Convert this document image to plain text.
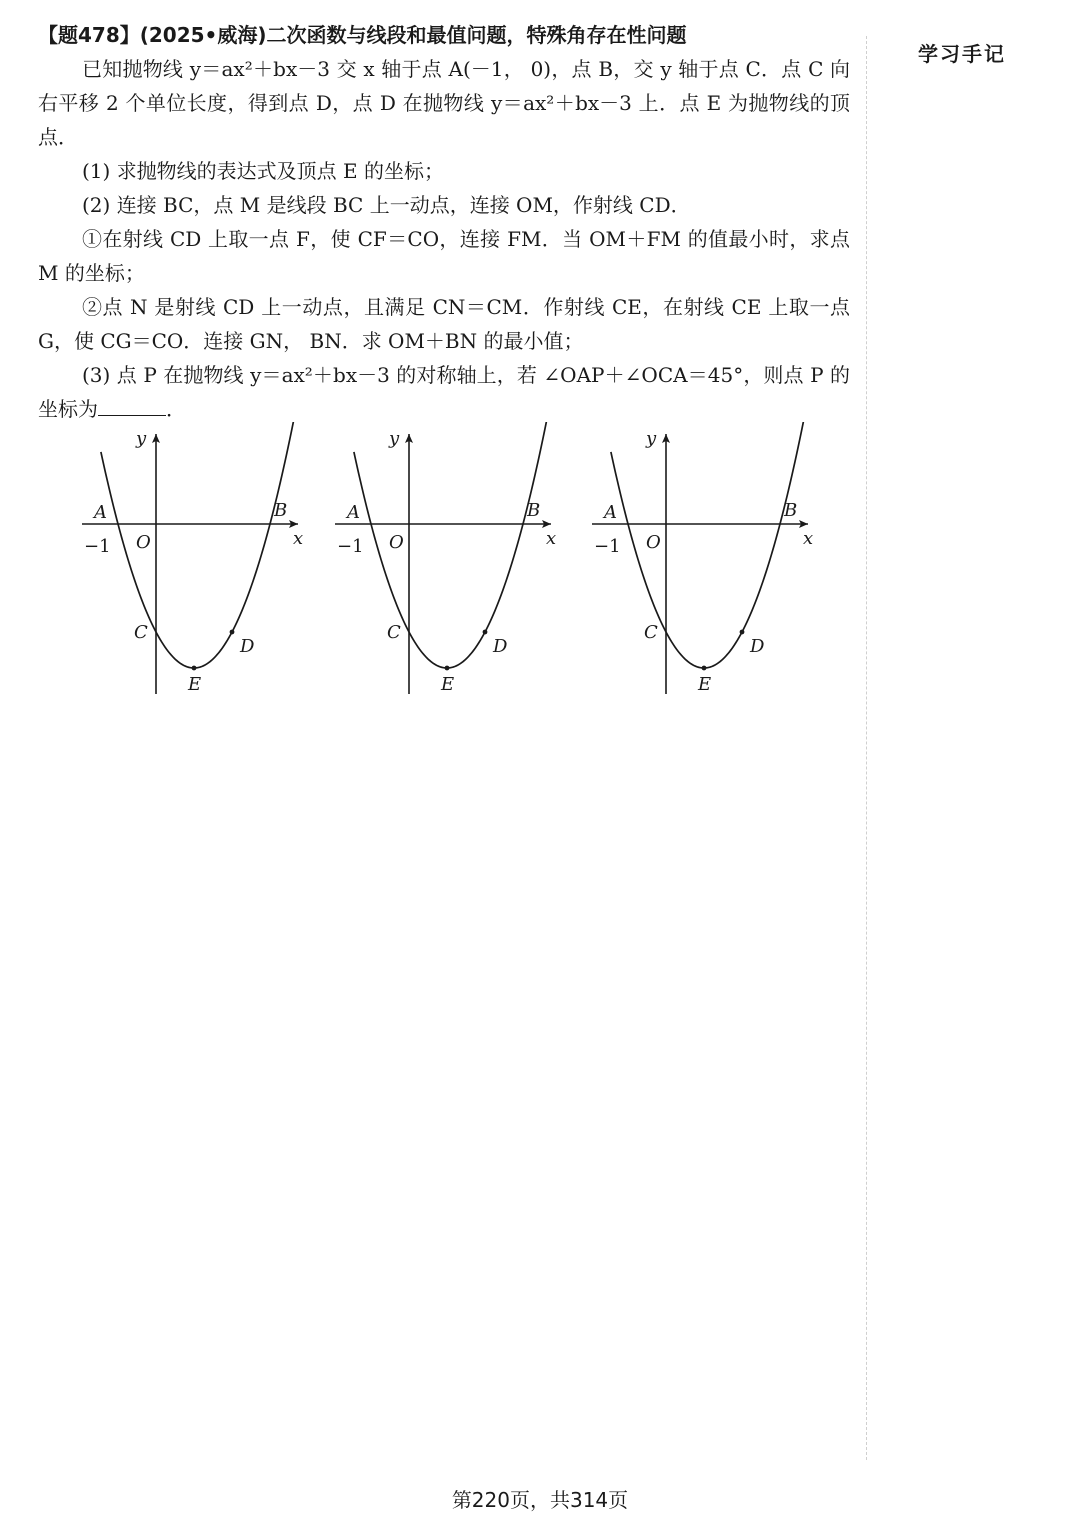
【题478】(2025•威海)二次函数与线段和最值问题，特殊角存在性问题

已知抛物线 y＝ax²＋bx－3 交 x 轴于点 A(－1， 0)，点 B，交 y 轴于点 C．点 C 向右平移 2 个单位长度，得到点 D，点 D 在抛物线 y＝ax²＋bx－3 上．点 E 为抛物线的顶点．

(1) 求抛物线的表达式及顶点 E 的坐标；

(2) 连接 BC，点 M 是线段 BC 上一动点，连接 OM，作射线 CD．

①在射线 CD 上取一点 F，使 CF＝CO，连接 FM．当 OM＋FM 的值最小时，求点 M 的坐标；

②点 N 是射线 CD 上一动点，且满足 CN＝CM．作射线 CE，在射线 CE 上取一点 G，使 CG＝CO．连接 GN， BN．求 OM＋BN 的最小值；

(3) 点 P 在抛物线 y＝ax²＋bx－3 的对称轴上，若 ∠OAP＋∠OCA＝45°，则点 P 的坐标为	．

y
x
A	B
O
−1
C
D
E
y
x
A	B
O
−1
C
D
E
y
x
A	B
O
−1
C
D
E
学习手记
第220页，共314页
